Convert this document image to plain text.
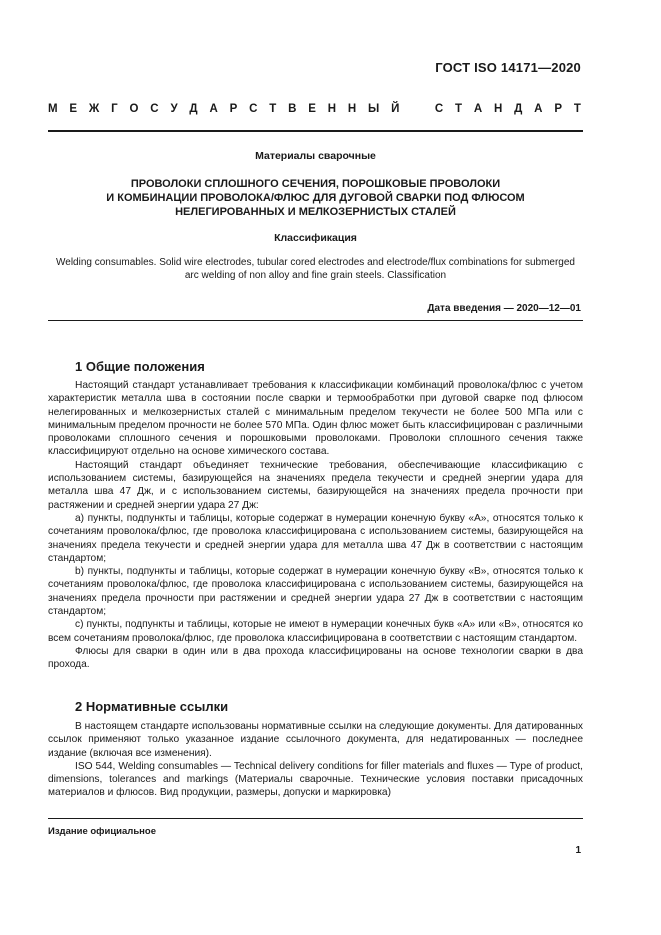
ГОСТ ISO 14171—2020
М Е Ж Г О С У Д А Р С Т В Е Н Н Ы Й	С Т А Н Д А Р Т
Материалы сварочные
ПРОВОЛОКИ СПЛОШНОГО СЕЧЕНИЯ, ПОРОШКОВЫЕ ПРОВОЛОКИ
И КОМБИНАЦИИ ПРОВОЛОКА/ФЛЮС ДЛЯ ДУГОВОЙ СВАРКИ ПОД ФЛЮСОМ
НЕЛЕГИРОВАННЫХ И МЕЛКОЗЕРНИСТЫХ СТАЛЕЙ
Классификация
Welding consumables. Solid wire electrodes, tubular cored electrodes and electrode/flux combinations for submerged
arc welding of non alloy and fine grain steels. Classification
Дата введения — 2020—12—01
1 Общие положения

Настоящий стандарт устанавливает требования к классификации комбинаций проволока/флюс с учетом характеристик металла шва в состоянии после сварки и термообработки при дуговой сварке под флюсом нелегированных и мелкозернистых сталей с минимальным пределом текучести не более 500 МПа или с минимальным пределом прочности не более 570 МПа. Один флюс может быть классифицирован с различными проволоками сплошного сечения и порошковыми проволоками. Проволоки сплошного сечения также классифицируют отдельно на основе химического состава.

Настоящий стандарт объединяет технические требования, обеспечивающие классификацию с использованием системы, базирующейся на значениях предела текучести и средней энергии удара для металла шва 47 Дж, и с использованием системы, базирующейся на значениях предела прочности при растяжении и средней энергии удара 27 Дж:

a) пункты, подпункты и таблицы, которые содержат в нумерации конечную букву «А», относятся только к сочетаниям проволока/флюс, где проволока классифицирована с использованием системы, базирующейся на значениях предела текучести и средней энергии удара для металла шва 47 Дж в соответствии с настоящим стандартом;

b) пункты, подпункты и таблицы, которые содержат в нумерации конечную букву «В», относятся только к сочетаниям проволока/флюс, где проволока классифицирована с использованием системы, базирующейся на значениях предела прочности при растяжении и средней энергии удара 27 Дж в соответствии с настоящим стандартом;

c) пункты, подпункты и таблицы, которые не имеют в нумерации конечных букв «А» или «В», относятся ко всем сочетаниям проволока/флюс, где проволока классифицирована в соответствии с настоящим стандартом.

Флюсы для сварки в один или в два прохода классифицированы на основе технологии сварки в два прохода.

2 Нормативные ссылки

В настоящем стандарте использованы нормативные ссылки на следующие документы. Для датированных ссылок применяют только указанное издание ссылочного документа, для недатированных — последнее издание (включая все изменения).

ISO 544, Welding consumables — Technical delivery conditions for filler materials and fluxes — Type of product, dimensions, tolerances and markings (Материалы сварочные. Технические условия поставки присадочных материалов и флюсов. Вид продукции, размеры, допуски и маркировка)

Издание официальное
1
